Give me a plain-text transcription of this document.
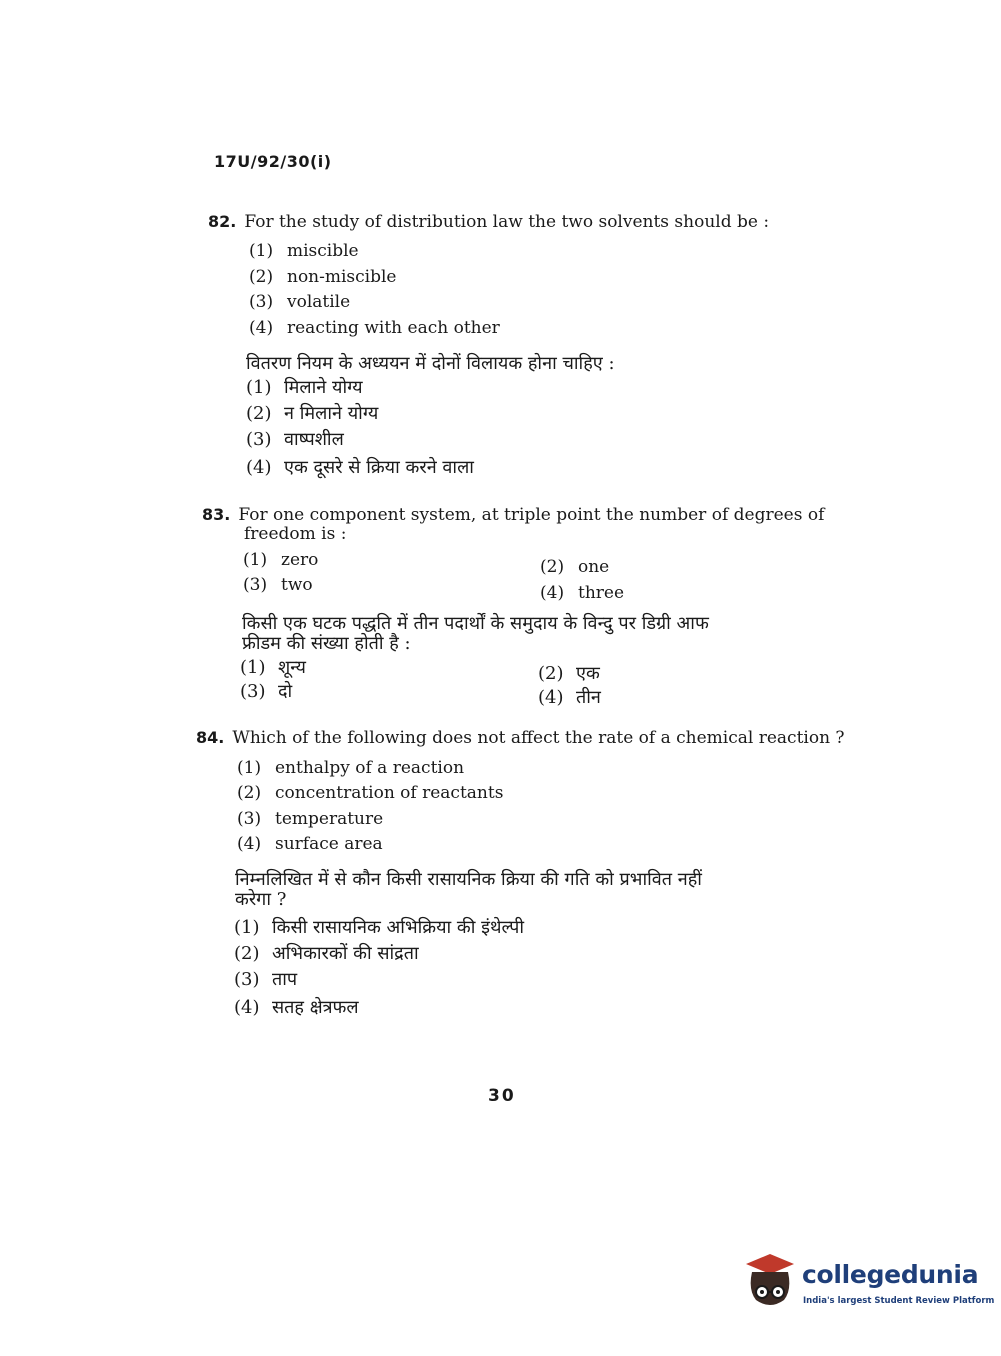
17U/92/30(i)
82. For the study of distribution law the two solvents should be :
(1) miscible
(2) non-miscible
(3) volatile
(4) reacting with each other
वितरण नियम के अध्ययन में दोनों विलायक होना चाहिए :
(1) मिलाने योग्य
(2) न मिलाने योग्य
(3) वाष्पशील
(4) एक दूसरे से क्रिया करने वाला
83. For one component system, at triple point the number of degrees of
freedom is :
(1) zero	(2) one
(3) two	(4) three
किसी एक घटक पद्धति में तीन पदार्थों के समुदाय के विन्दु पर डिग्री आफ
फ्रीडम की संख्या होती है :
(1) शून्य	(2) एक
(3) दो	(4) तीन
84. Which of the following does not affect the rate of a chemical reaction ?
(1) enthalpy of a reaction
(2) concentration of reactants
(3) temperature
(4) surface area
निम्नलिखित में से कौन किसी रासायनिक क्रिया की गति को प्रभावित नहीं
करेगा ?
(1) किसी रासायनिक अभिक्रिया की इंथेल्पी
(2) अभिकारकों की सांद्रता
(3) ताप
(4) सतह क्षेत्रफल
30
collegedunia
India's largest Student Review Platform
